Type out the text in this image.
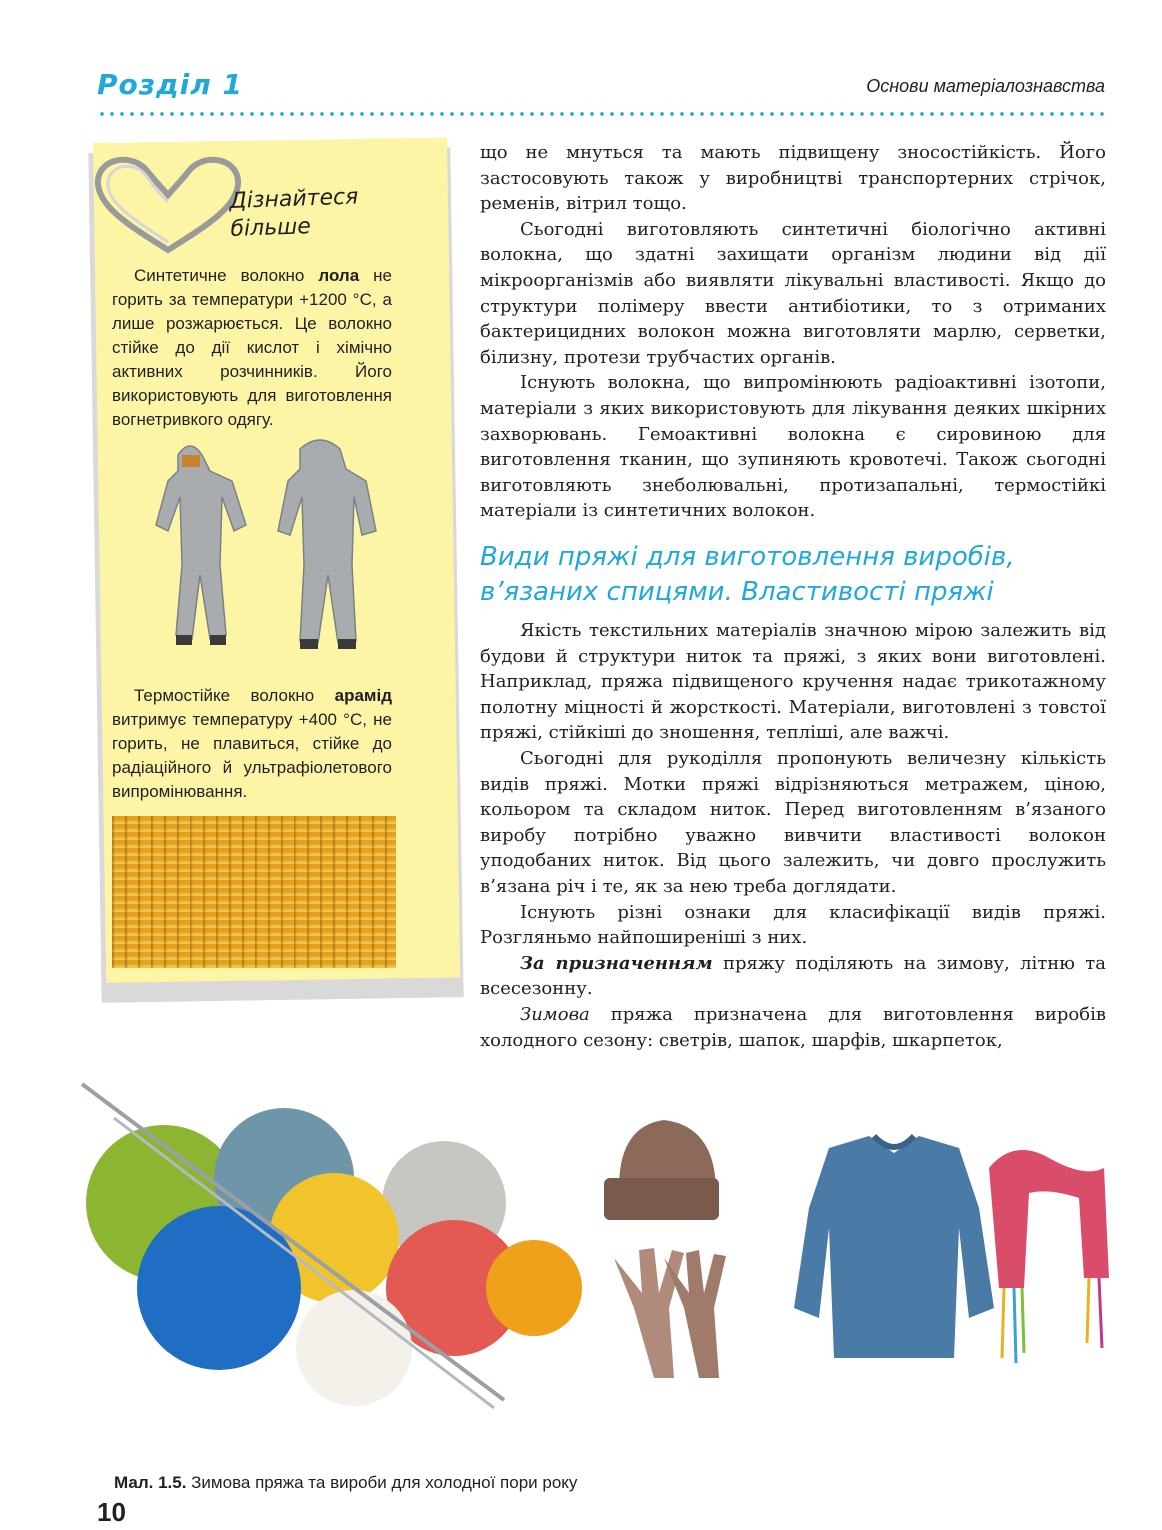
Розділ 1	Основи матеріалознавства
Дізнайтеся
більше

Синтетичне волокно лола не горить за температури +1200 °C, а лише розжарюється. Це волокно стійке до дії кислот і хімічно активних розчинників. Його використовують для виготовлення вогнетривкого одягу.

Термостійке волокно арамід витримує температуру +400 °C, не горить, не плавиться, стійке до радіаційного й ультрафіолетового випромінювання.

що не мнуться та мають підвищену зносостійкість. Його застосовують також у виробництві транспортерних стрічок, ременів, вітрил тощо.

Сьогодні виготовляють синтетичні біологічно активні волокна, що здатні захищати організм людини від дії мікроорганізмів або виявляти лікувальні властивості. Якщо до структури полімеру ввести антибіотики, то з отриманих бактерицидних волокон можна виготовляти марлю, серветки, білизну, протези трубчастих органів.

Існують волокна, що випромінюють радіоактивні ізотопи, матеріали з яких використовують для лікування деяких шкірних захворювань. Гемоактивні волокна є сировиною для виготовлення тканин, що зупиняють кровотечі. Також сьогодні виготовляють знеболювальні, протизапальні, термостійкі матеріали із синтетичних волокон.

Види пряжі для виготовлення виробів,
в’язаних спицями. Властивості пряжі

Якість текстильних матеріалів значною мірою залежить від будови й структури ниток та пряжі, з яких вони виготовлені. Наприклад, пряжа підвищеного кручення надає трикотажному полотну міцності й жорсткості. Матеріали, виготовлені з товстої пряжі, стійкіші до зношення, тепліші, але важчі.

Сьогодні для рукоділля пропонують величезну кількість видів пряжі. Мотки пряжі відрізняються метражем, ціною, кольором та складом ниток. Перед виготовленням в’язаного виробу потрібно уважно вивчити властивості волокон уподобаних ниток. Від цього залежить, чи довго прослужить в’язана річ і те, як за нею треба доглядати.

Існують різні ознаки для класифікації видів пряжі. Розгляньмо найпоширеніші з них.

За призначенням пряжу поділяють на зимову, літню та всесезонну.

Зимова пряжа призначена для виготовлення виробів холодного сезону: светрів, шапок, шарфів, шкарпеток,

Мал. 1.5. Зимова пряжа та вироби для холодної пори року
10
